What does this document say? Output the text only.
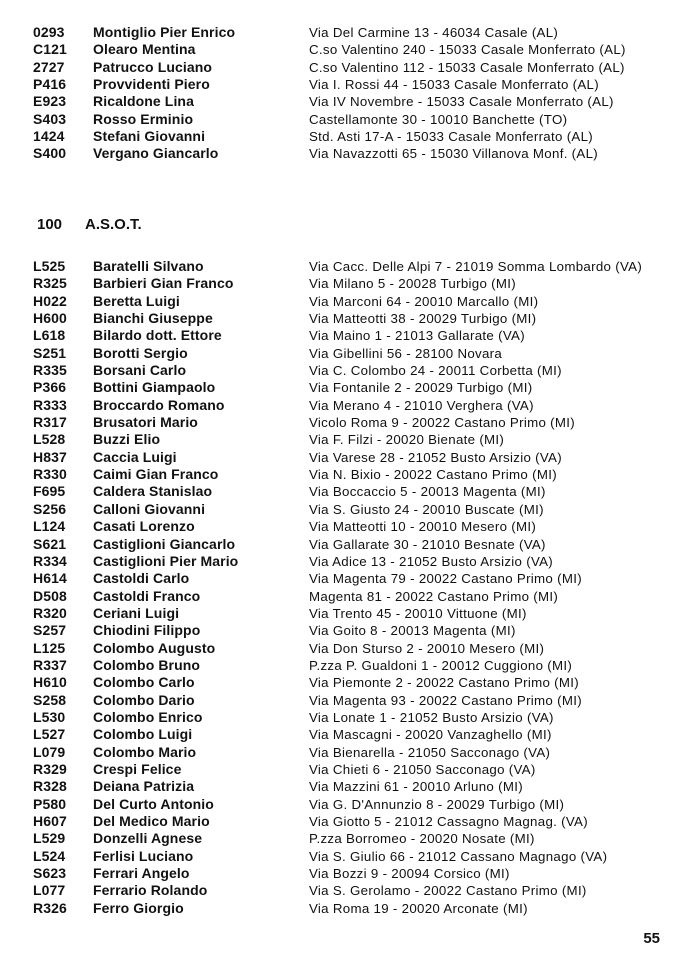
0293 Montiglio Pier Enrico	Via Del Carmine 13 - 46034 Casale (AL)
C121 Olearo Mentina	C.so Valentino 240 - 15033 Casale Monferrato (AL)
2727 Patrucco Luciano	C.so Valentino 112 - 15033 Casale Monferrato (AL)
P416 Provvidenti Piero	Via I. Rossi 44 - 15033 Casale Monferrato (AL)
E923 Ricaldone Lina	Via IV Novembre - 15033 Casale Monferrato (AL)
S403 Rosso Erminio	Castellamonte 30 - 10010 Banchette (TO)
1424 Stefani Giovanni	Std. Asti 17-A - 15033 Casale Monferrato (AL)
S400 Vergano Giancarlo	Via Navazzotti 65 - 15030 Villanova Monf. (AL)
100 A.S.O.T.
L525 Baratelli Silvano	Via Cacc. Delle Alpi 7 - 21019 Somma Lombardo (VA)
R325 Barbieri Gian Franco	Via Milano 5 - 20028 Turbigo (MI)
H022 Beretta Luigi	Via Marconi 64 - 20010 Marcallo (MI)
H600 Bianchi Giuseppe	Via Matteotti 38 - 20029 Turbigo (MI)
L618 Bilardo dott. Ettore	Via Maino 1 - 21013 Gallarate (VA)
S251 Borotti Sergio	Via Gibellini 56 - 28100 Novara
R335 Borsani Carlo	Via C. Colombo 24 - 20011 Corbetta (MI)
P366 Bottini Giampaolo	Via Fontanile 2 - 20029 Turbigo (MI)
R333 Broccardo Romano	Via Merano 4 - 21010 Verghera (VA)
R317 Brusatori Mario	Vicolo Roma 9 - 20022 Castano Primo (MI)
L528 Buzzi Elio	Via F. Filzi - 20020 Bienate (MI)
H837 Caccia Luigi	Via Varese 28 - 21052 Busto Arsizio (VA)
R330 Caimi Gian Franco	Via N. Bixio - 20022 Castano Primo (MI)
F695 Caldera Stanislao	Via Boccaccio 5 - 20013 Magenta (MI)
S256 Calloni Giovanni	Via S. Giusto 24 - 20010 Buscate (MI)
L124 Casati Lorenzo	Via Matteotti 10 - 20010 Mesero (MI)
S621 Castiglioni Giancarlo	Via Gallarate 30 - 21010 Besnate (VA)
R334 Castiglioni Pier Mario	Via Adice 13 - 21052 Busto Arsizio (VA)
H614 Castoldi Carlo	Via Magenta 79 - 20022 Castano Primo (MI)
D508 Castoldi Franco	Magenta 81 - 20022 Castano Primo (MI)
R320 Ceriani Luigi	Via Trento 45 - 20010 Vittuone (MI)
S257 Chiodini Filippo	Via Goito 8 - 20013 Magenta (MI)
L125 Colombo Augusto	Via Don Sturso 2 - 20010 Mesero (MI)
R337 Colombo Bruno	P.zza P. Gualdoni 1 - 20012 Cuggiono (MI)
H610 Colombo Carlo	Via Piemonte 2 - 20022 Castano Primo (MI)
S258 Colombo Dario	Via Magenta 93 - 20022 Castano Primo (MI)
L530 Colombo Enrico	Via Lonate 1 - 21052 Busto Arsizio (VA)
L527 Colombo Luigi	Via Mascagni - 20020 Vanzaghello (MI)
L079 Colombo Mario	Via Bienarella - 21050 Sacconago (VA)
R329 Crespi Felice	Via Chieti 6 - 21050 Sacconago (VA)
R328 Deiana Patrizia	Via Mazzini 61 - 20010 Arluno (MI)
P580 Del Curto Antonio	Via G. D'Annunzio 8 - 20029 Turbigo (MI)
H607 Del Medico Mario	Via Giotto 5 - 21012 Cassagno Magnag. (VA)
L529 Donzelli Agnese	P.zza Borromeo - 20020 Nosate (MI)
L524 Ferlisi Luciano	Via S. Giulio 66 - 21012 Cassano Magnago (VA)
S623 Ferrari Angelo	Via Bozzi 9 - 20094 Corsico (MI)
L077 Ferrario Rolando	Via S. Gerolamo - 20022 Castano Primo (MI)
R326 Ferro Giorgio	Via Roma 19 - 20020 Arconate (MI)
55
